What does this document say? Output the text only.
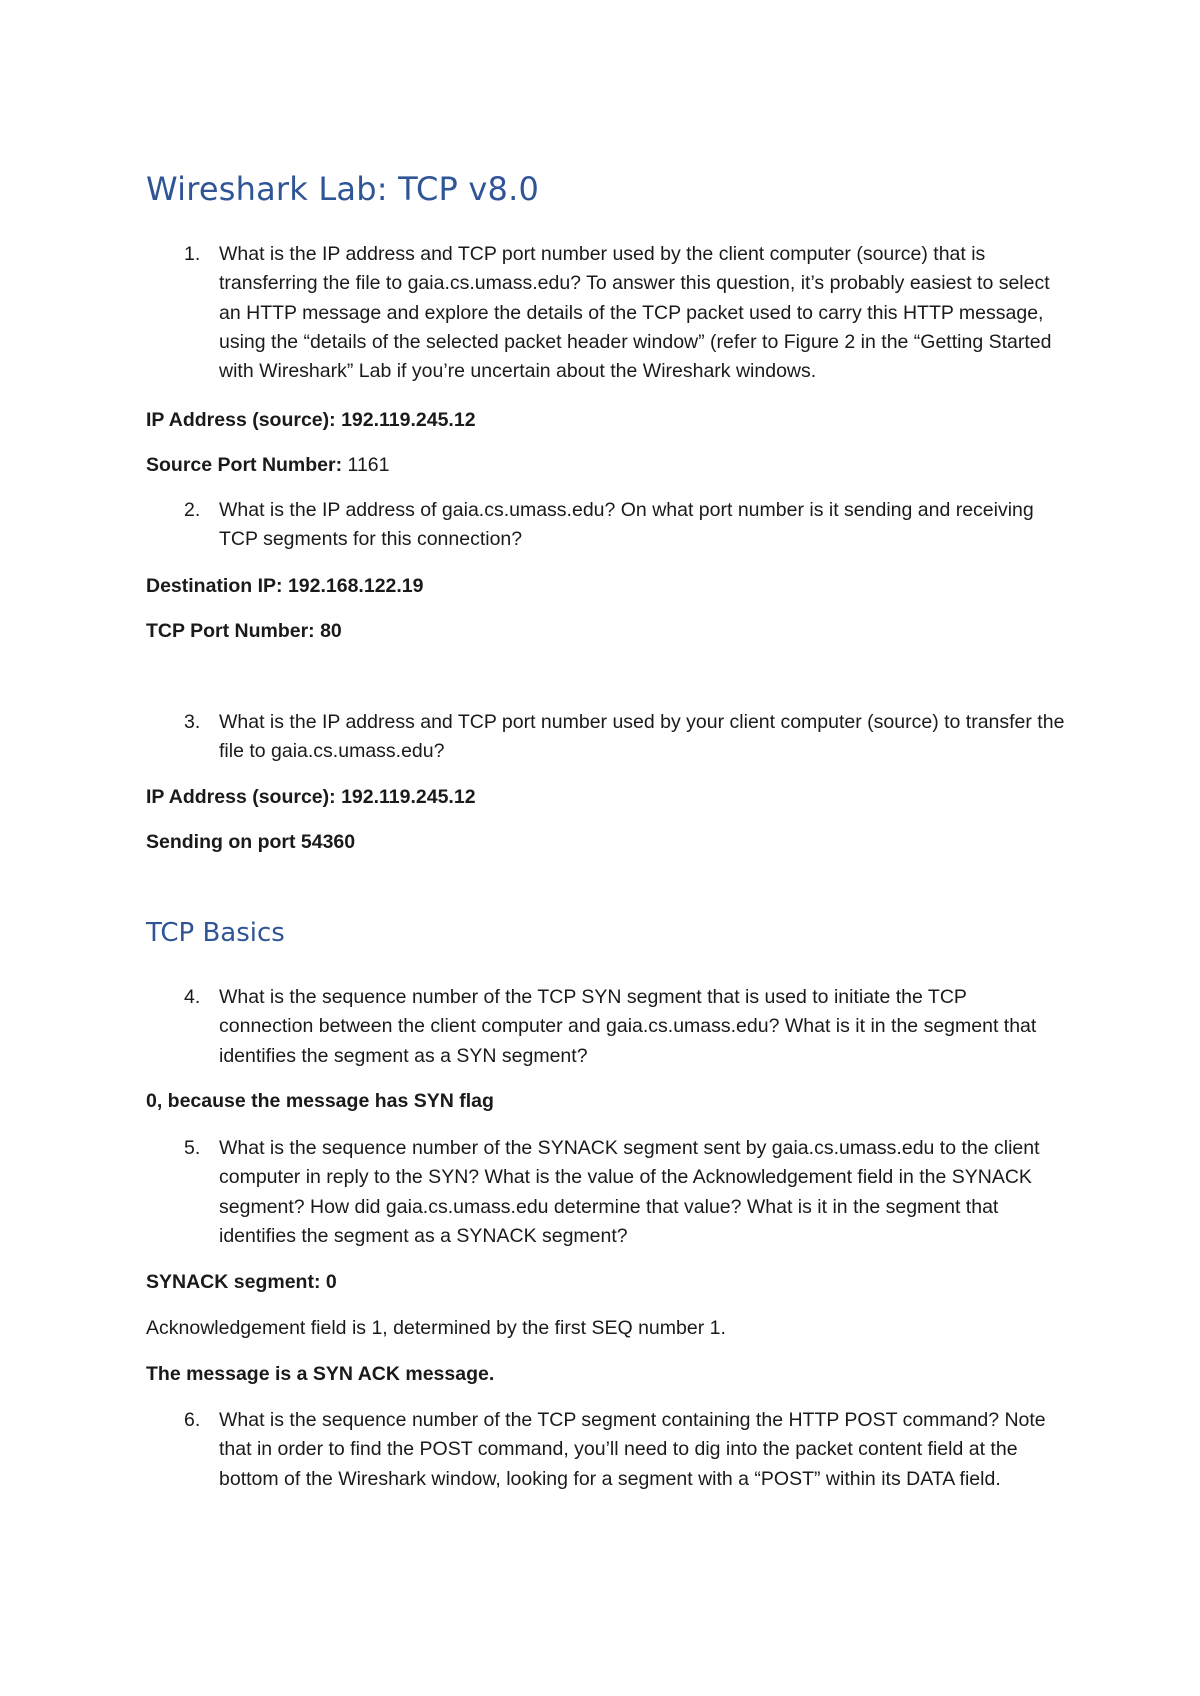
Wireshark Lab: TCP v8.0
1. What is the IP address and TCP port number used by the client computer (source) that is transferring the file to gaia.cs.umass.edu? To answer this question, it’s probably easiest to select an HTTP message and explore the details of the TCP packet used to carry this HTTP message, using the “details of the selected packet header window” (refer to Figure 2 in the “Getting Started with Wireshark” Lab if you’re uncertain about the Wireshark windows.
IP Address (source): 192.119.245.12
Source Port Number: 1161
2. What is the IP address of gaia.cs.umass.edu? On what port number is it sending and receiving TCP segments for this connection?
Destination IP: 192.168.122.19
TCP Port Number: 80
3. What is the IP address and TCP port number used by your client computer (source) to transfer the file to gaia.cs.umass.edu?
IP Address (source): 192.119.245.12
Sending on port 54360
TCP Basics
4. What is the sequence number of the TCP SYN segment that is used to initiate the TCP connection between the client computer and gaia.cs.umass.edu? What is it in the segment that identifies the segment as a SYN segment?
0, because the message has SYN flag
5. What is the sequence number of the SYNACK segment sent by gaia.cs.umass.edu to the client computer in reply to the SYN? What is the value of the Acknowledgement field in the SYNACK segment? How did gaia.cs.umass.edu determine that value? What is it in the segment that identifies the segment as a SYNACK segment?
SYNACK segment: 0
Acknowledgement field is 1, determined by the first SEQ number 1.
The message is a SYN ACK message.
6. What is the sequence number of the TCP segment containing the HTTP POST command? Note that in order to find the POST command, you’ll need to dig into the packet content field at the bottom of the Wireshark window, looking for a segment with a “POST” within its DATA field.
